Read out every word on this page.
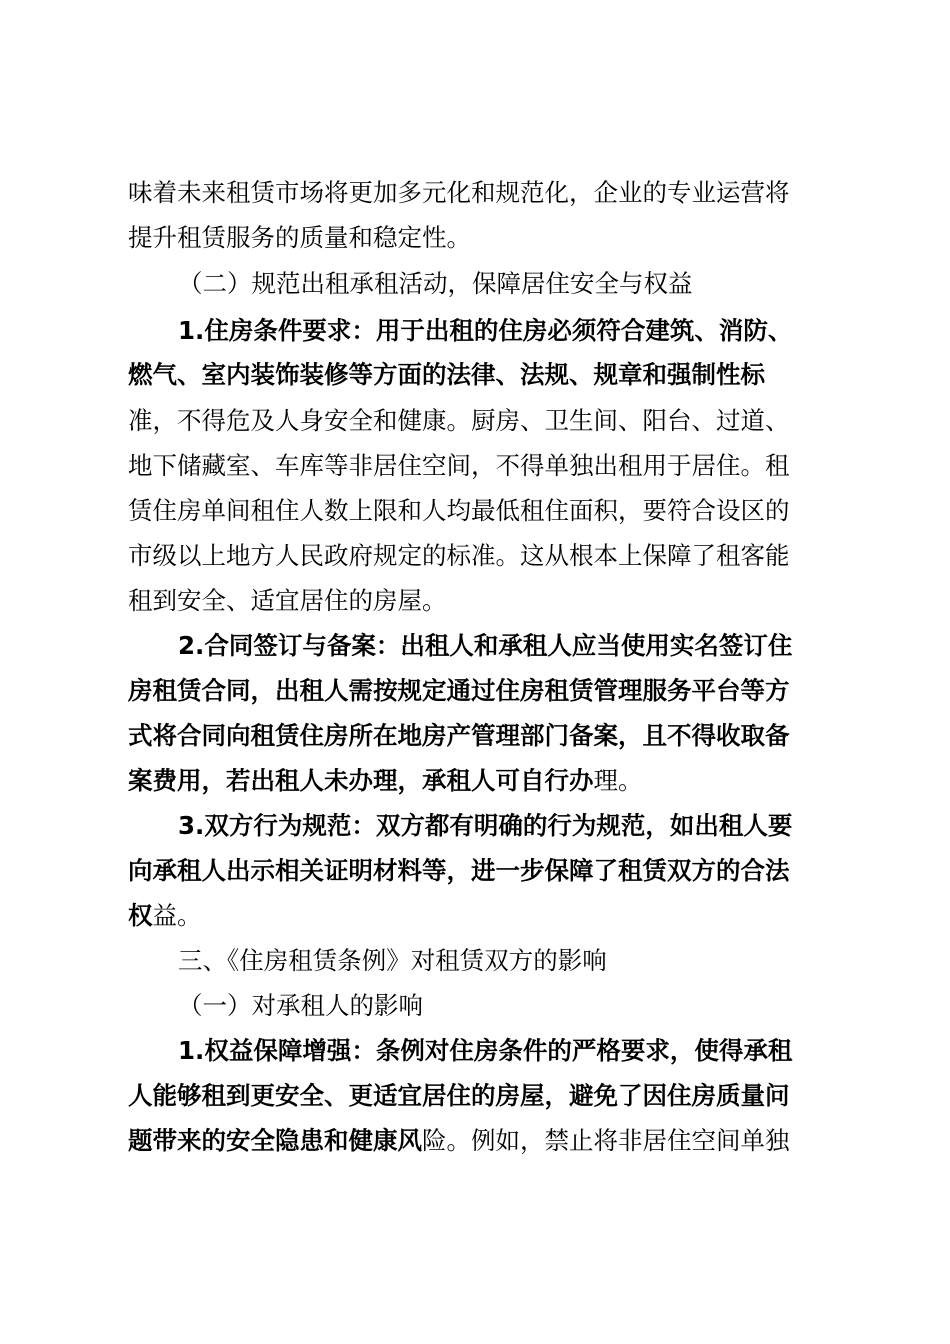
味着未来租赁市场将更加多元化和规范化，企业的专业运营将

提升租赁服务的质量和稳定性。

（二）规范出租承租活动，保障居住安全与权益

1.住房条件要求：用于出租的住房必须符合建筑、消防、

燃气、室内装饰装修等方面的法律、法规、规章和强制性标

准，不得危及人身安全和健康。厨房、卫生间、阳台、过道、

地下储藏室、车库等非居住空间，不得单独出租用于居住。租

赁住房单间租住人数上限和人均最低租住面积，要符合设区的

市级以上地方人民政府规定的标准。这从根本上保障了租客能

租到安全、适宜居住的房屋。

2.合同签订与备案：出租人和承租人应当使用实名签订住

房租赁合同，出租人需按规定通过住房租赁管理服务平台等方

式将合同向租赁住房所在地房产管理部门备案，且不得收取备

案费用，若出租人未办理，承租人可自行办理。

3.双方行为规范：双方都有明确的行为规范，如出租人要

向承租人出示相关证明材料等，进一步保障了租赁双方的合法

权益。

三、《住房租赁条例》对租赁双方的影响

（一）对承租人的影响

1.权益保障增强：条例对住房条件的严格要求，使得承租

人能够租到更安全、更适宜居住的房屋，避免了因住房质量问

题带来的安全隐患和健康风险。例如，禁止将非居住空间单独
